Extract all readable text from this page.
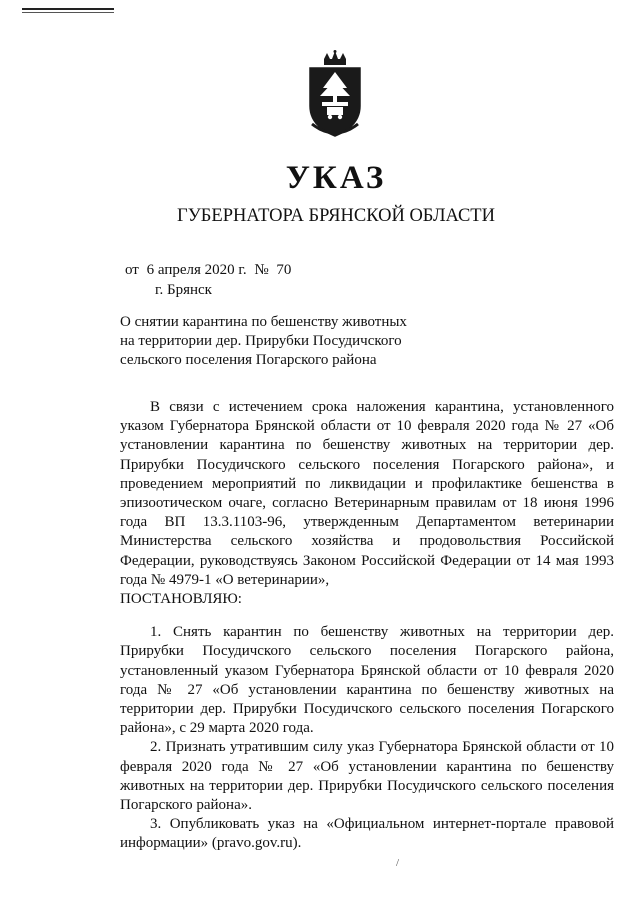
УКАЗ
ГУБЕРНАТОРА БРЯНСКОЙ ОБЛАСТИ
от 6 апреля 2020 г. № 70
г. Брянск
О снятии карантина по бешенству животных
на территории дер. Прирубки Посудичского
сельского поселения Погарского района

В связи с истечением срока наложения карантина, установленного указом Губернатора Брянской области от 10 февраля 2020 года № 27 «Об установлении карантина по бешенству животных на территории дер. Прирубки Посудичского сельского поселения Погарского района», и проведением мероприятий по ликвидации и профилактике бешенства в эпизоотическом очаге, согласно Ветеринарным правилам от 18 июня 1996 года ВП 13.3.1103-96, утвержденным Департаментом ветеринарии Министерства сельского хозяйства и продовольствия Российской Федерации, руководствуясь Законом Российской Федерации от 14 мая 1993 года № 4979-1 «О ветеринарии»,

ПОСТАНОВЛЯЮ:

1. Снять карантин по бешенству животных на территории дер. Прирубки Посудичского сельского поселения Погарского района, установленный указом Губернатора Брянской области от 10 февраля 2020 года № 27 «Об установлении карантина по бешенству животных на территории дер. Прирубки Посудичского сельского поселения Погарского района», с 29 марта 2020 года.

2. Признать утратившим силу указ Губернатора Брянской области от 10 февраля 2020 года № 27 «Об установлении карантина по бешенству животных на территории дер. Прирубки Посудичского сельского поселения Погарского района».

3. Опубликовать указ на «Официальном интернет-портале правовой информации» (pravo.gov.ru).

/
